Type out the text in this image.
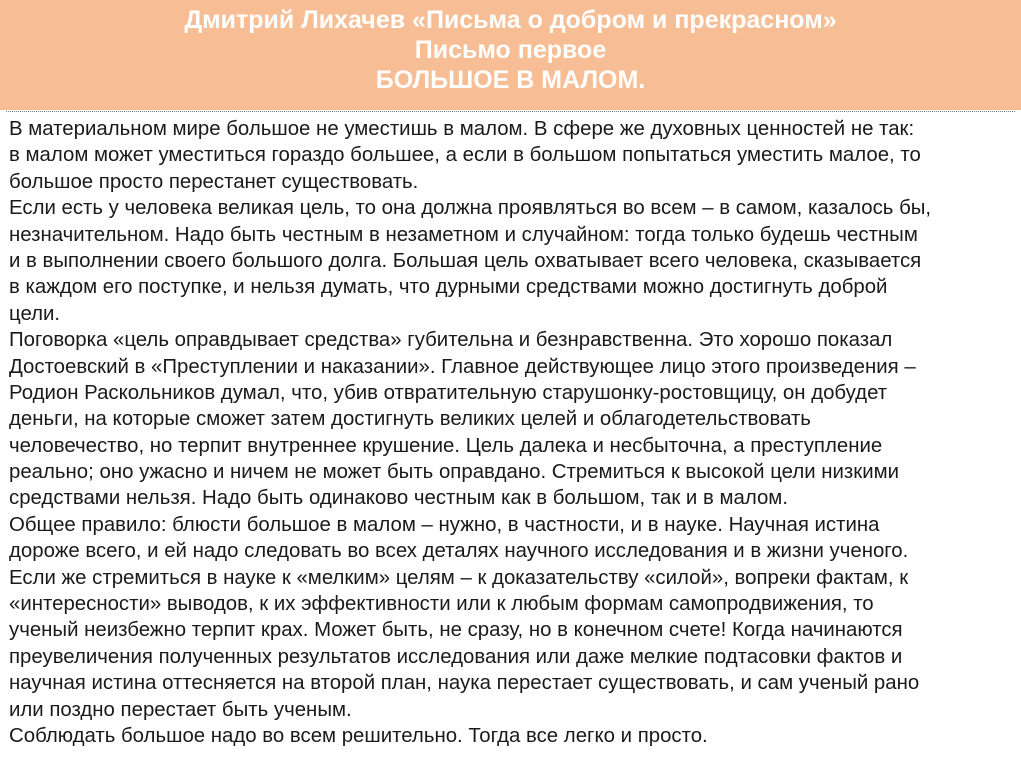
Дмитрий Лихачев «Письма о добром и прекрасном»
Письмо первое
БОЛЬШОЕ В МАЛОМ.
В материальном мире большое не уместишь в малом. В сфере же духовных ценностей не так:
в малом может уместиться гораздо большее, а если в большом попытаться уместить малое, то
большое просто перестанет существовать.
Если есть у человека великая цель, то она должна проявляться во всем – в самом, казалось бы,
незначительном. Надо быть честным в незаметном и случайном: тогда только будешь честным
и в выполнении своего большого долга. Большая цель охватывает всего человека, сказывается
в каждом его поступке, и нельзя думать, что дурными средствами можно достигнуть доброй
цели.
Поговорка «цель оправдывает средства» губительна и безнравственна. Это хорошо показал
Достоевский в «Преступлении и наказании». Главное действующее лицо этого произведения –
Родион Раскольников думал, что, убив отвратительную старушонку-ростовщицу, он добудет
деньги, на которые сможет затем достигнуть великих целей и облагодетельствовать
человечество, но терпит внутреннее крушение. Цель далека и несбыточна, а преступление
реально; оно ужасно и ничем не может быть оправдано. Стремиться к высокой цели низкими
средствами нельзя. Надо быть одинаково честным как в большом, так и в малом.
Общее правило: блюсти большое в малом – нужно, в частности, и в науке. Научная истина
дороже всего, и ей надо следовать во всех деталях научного исследования и в жизни ученого.
Если же стремиться в науке к «мелким» целям – к доказательству «силой», вопреки фактам, к
«интересности» выводов, к их эффективности или к любым формам самопродвижения, то
ученый неизбежно терпит крах. Может быть, не сразу, но в конечном счете! Когда начинаются
преувеличения полученных результатов исследования или даже мелкие подтасовки фактов и
научная истина оттесняется на второй план, наука перестает существовать, и сам ученый рано
или поздно перестает быть ученым.
Соблюдать большое надо во всем решительно. Тогда все легко и просто.
